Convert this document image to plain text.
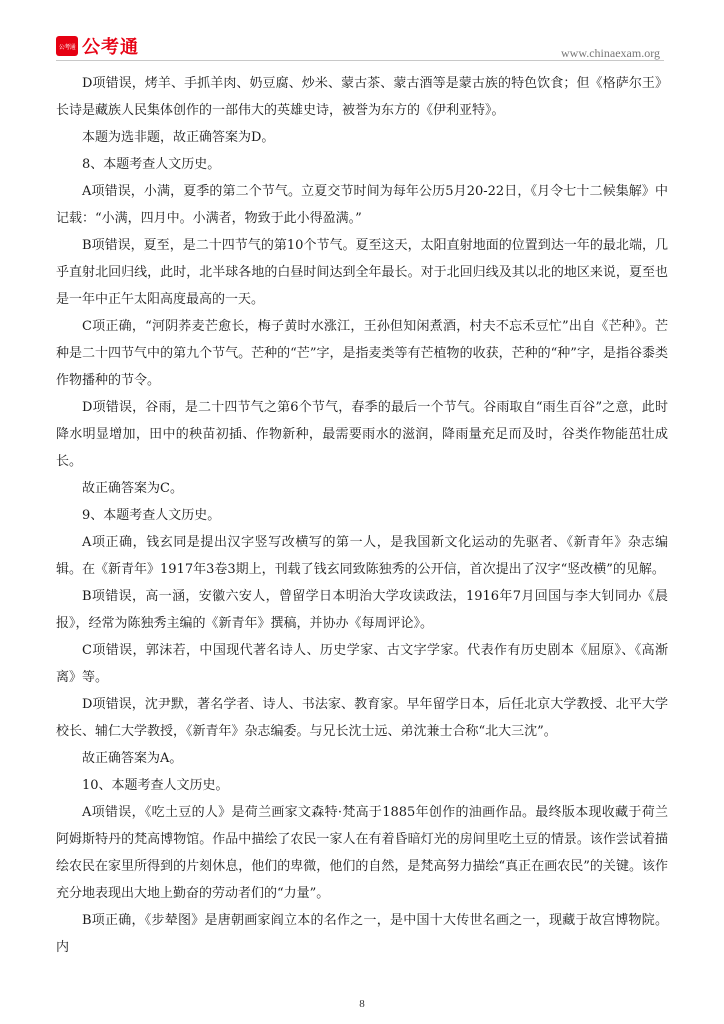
公考通 公考通	www.chinaexam.org

D项错误，烤羊、手抓羊肉、奶豆腐、炒米、蒙古茶、蒙古酒等是蒙古族的特色饮食；但《格萨尔王》长诗是藏族人民集体创作的一部伟大的英雄史诗，被誉为东方的《伊利亚特》。

本题为选非题，故正确答案为D。

8、本题考查人文历史。

A项错误，小满，夏季的第二个节气。立夏交节时间为每年公历5月20-22日，《月令七十二候集解》中记载：“小满，四月中。小满者，物致于此小得盈满。”

B项错误，夏至，是二十四节气的第10个节气。夏至这天，太阳直射地面的位置到达一年的最北端，几乎直射北回归线，此时，北半球各地的白昼时间达到全年最长。对于北回归线及其以北的地区来说，夏至也是一年中正午太阳高度最高的一天。

C项正确，“河阴荞麦芒愈长，梅子黄时水涨江，王孙但知闲煮酒，村夫不忘禾豆忙”出自《芒种》。芒种是二十四节气中的第九个节气。芒种的“芒”字，是指麦类等有芒植物的收获，芒种的“种”字，是指谷黍类作物播种的节令。

D项错误，谷雨，是二十四节气之第6个节气，春季的最后一个节气。谷雨取自“雨生百谷”之意，此时降水明显增加，田中的秧苗初插、作物新种，最需要雨水的滋润，降雨量充足而及时，谷类作物能茁壮成长。

故正确答案为C。

9、本题考查人文历史。

A项正确，钱玄同是提出汉字竖写改横写的第一人，是我国新文化运动的先驱者、《新青年》杂志编辑。在《新青年》1917年3卷3期上，刊载了钱玄同致陈独秀的公开信，首次提出了汉字“竖改横”的见解。

B项错误，高一涵，安徽六安人，曾留学日本明治大学攻读政法，1916年7月回国与李大钊同办《晨报》，经常为陈独秀主编的《新青年》撰稿，并协办《每周评论》。

C项错误，郭沫若，中国现代著名诗人、历史学家、古文字学家。代表作有历史剧本《屈原》、《高渐离》等。

D项错误，沈尹默，著名学者、诗人、书法家、教育家。早年留学日本，后任北京大学教授、北平大学校长、辅仁大学教授，《新青年》杂志编委。与兄长沈士远、弟沈兼士合称“北大三沈”。

故正确答案为A。

10、本题考查人文历史。

A项错误，《吃土豆的人》是荷兰画家文森特·梵高于1885年创作的油画作品。最终版本现收藏于荷兰阿姆斯特丹的梵高博物馆。作品中描绘了农民一家人在有着昏暗灯光的房间里吃土豆的情景。该作尝试着描绘农民在家里所得到的片刻休息，他们的卑微，他们的自然，是梵高努力描绘“真正在画农民”的关键。该作充分地表现出大地上勤奋的劳动者们的“力量”。

B项正确，《步辇图》是唐朝画家阎立本的名作之一，是中国十大传世名画之一，现藏于故宫博物院。内

8
